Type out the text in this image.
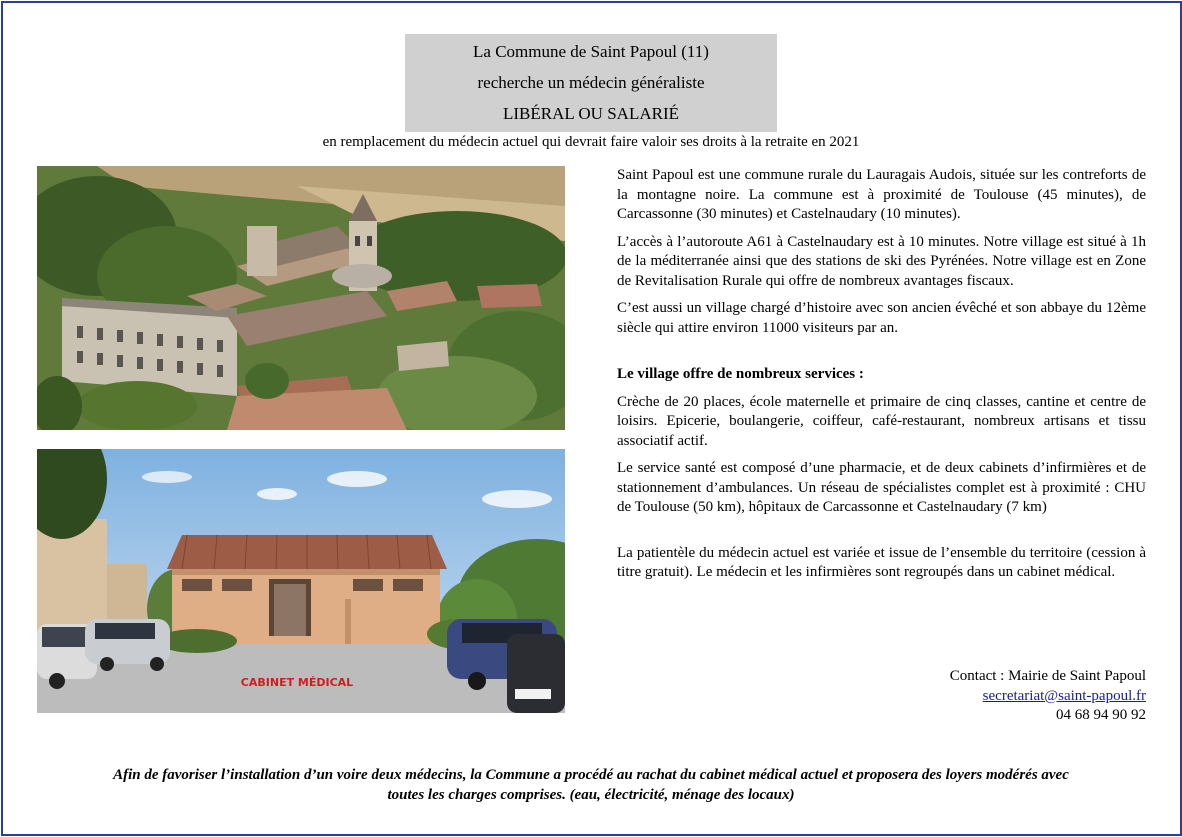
La Commune de Saint Papoul (11)
recherche un médecin généraliste
LIBÉRAL OU SALARIÉ
en remplacement du médecin actuel qui devrait faire valoir ses droits à la retraite en 2021
CABINET MÉDICAL

Saint Papoul est une commune rurale du Lauragais Audois, située sur les contreforts de la montagne noire. La commune est à proximité de Toulouse (45 minutes), de Carcassonne (30 minutes) et Castelnaudary (10 minutes).

L’accès à l’autoroute A61 à Castelnaudary est à 10 minutes. Notre village est situé à 1h de la méditerranée ainsi que des stations de ski des Pyrénées. Notre village est en Zone de Revitalisation Rurale qui offre de nombreux avantages fiscaux.

C’est aussi un village chargé d’histoire avec son ancien évêché et son abbaye du 12ème siècle qui attire environ 11000 visiteurs par an.

Le village offre de nombreux services :

Crèche de 20 places, école maternelle et primaire de cinq classes, cantine et centre de loisirs. Epicerie, boulangerie, coiffeur, café-restaurant, nombreux artisans et tissu associatif actif.

Le service santé est composé d’une pharmacie, et de deux cabinets d’infirmières et de stationnement d’ambulances. Un réseau de spécialistes complet est à proximité : CHU de Toulouse (50 km), hôpitaux de Carcassonne et Castelnaudary (7 km)

La patientèle du médecin actuel est variée et issue de l’ensemble du territoire (cession à titre gratuit). Le médecin et les infirmières sont regroupés dans un cabinet médical.

Contact : Mairie de Saint Papoul
secretariat@saint-papoul.fr
04 68 94 90 92
Afin de favoriser l’installation d’un voire deux médecins, la Commune a procédé au rachat du cabinet médical actuel et proposera des loyers modérés avec
toutes les charges comprises. (eau, électricité, ménage des locaux)
